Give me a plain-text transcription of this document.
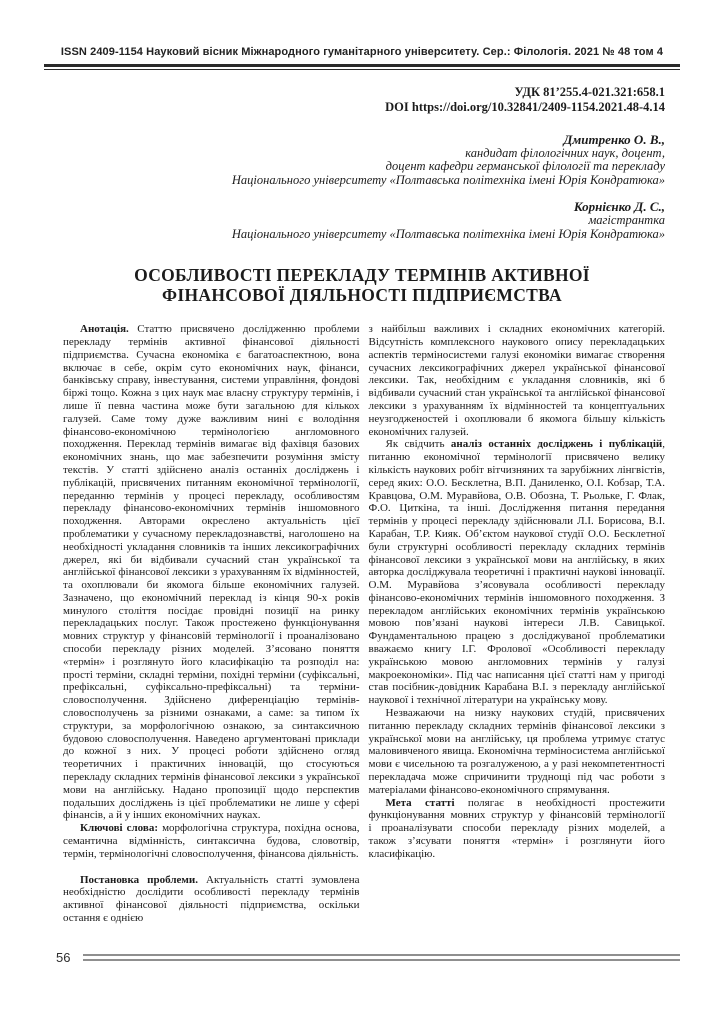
ISSN 2409-1154 Науковий вісник Міжнародного гуманітарного університету. Сер.: Філологія. 2021 № 48 том 4
УДК 81’255.4-021.321:658.1
DOI https://doi.org/10.32841/2409-1154.2021.48-4.14
Дмитренко О. В.,
кандидат філологічних наук, доцент,
доцент кафедри германської філології та перекладу
Національного університету «Полтавська політехніка імені Юрія Кондратюка»
Корнієнко Д. С.,
магістрантка
Національного університету «Полтавська політехніка імені Юрія Кондратюка»
ОСОБЛИВОСТІ ПЕРЕКЛАДУ ТЕРМІНІВ АКТИВНОЇ ФІНАНСОВОЇ ДІЯЛЬНОСТІ ПІДПРИЄМСТВА

Анотація. Статтю присвячено дослідженню проблеми перекладу термінів активної фінансової діяльності підприємства. Сучасна економіка є багатоаспектною, вона включає в себе, окрім суто економічних наук, фінанси, банківську справу, інвестування, системи управління, фондові біржі тощо. Кожна з цих наук має власну структуру термінів, і лише її певна частина може бути загальною для кількох галузей. Саме тому дуже важливим нині є володіння фінансово-економічною термінологією англомовного походження. Переклад термінів вимагає від фахівця базових економічних знань, що має забезпечити розуміння змісту текстів. У статті здійснено аналіз останніх досліджень і публікацій, присвячених питанням економічної термінології, переданню термінів у процесі перекладу, особливостям перекладу фінансово-економічних термінів іншомовного походження. Авторами окреслено актуальність цієї проблематики у сучасному перекладознавстві, наголошено на необхідності укладання словників та інших лексикографічних джерел, які би відбивали сучасний стан української та англійської фінансової лексики з урахуванням їх відмінностей, та охоплювали би якомога більше економічних галузей. Зазначено, що економічний переклад із кінця 90-х років минулого століття посідає провідні позиції на ринку перекладацьких послуг. Також простежено функціонування мовних структур у фінансовій термінології і проаналізовано способи перекладу різних моделей. З’ясовано поняття «термін» і розглянуто його класифікацію та розподіл на: прості терміни, складні терміни, похідні терміни (суфіксальні, префіксальні, суфіксально-префіксальні) та терміни-словосполучення. Здійснено диференціацію термінів-словосполучень за різними ознаками, а саме: за типом їх структури, за морфологічною ознакою, за синтаксичною будовою словосполучення. Наведено аргументовані приклади до кожної з них. У процесі роботи здійснено огляд теоретичних і практичних інновацій, що стосуються перекладу складних термінів фінансової лексики з української мови на англійську. Надано пропозиції щодо перспектив подальших досліджень із цієї проблематики не лише у сфері фінансів, а й у інших економічних науках.

Ключові слова: морфологічна структура, похідна основа, семантична відмінність, синтаксична будова, словотвір, термін, термінологічні словосполучення, фінансова діяльність.

Постановка проблеми. Актуальність статті зумовлена необхідністю дослідити особливості перекладу термінів активної фінансової діяльності підприємства, оскільки остання є однією

з найбільш важливих і складних економічних категорій. Відсутність комплексного наукового опису перекладацьких аспектів терміносистеми галузі економіки вимагає створення сучасних лексикографічних джерел української фінансової лексики. Так, необхідним є укладання словників, які б відбивали сучасний стан української та англійської фінансової лексики з урахуванням їх відмінностей та концептуальних неузгодженостей і охоплювали б якомога більшу кількість економічних галузей.

Як свідчить аналіз останніх досліджень і публікацій, питанню економічної термінології присвячено велику кількість наукових робіт вітчизняних та зарубіжних лінгвістів, серед яких: О.О. Бесклетна, В.П. Даниленко, О.І. Кобзар, Т.А. Кравцова, О.М. Муравйова, О.В. Обозна, Т. Рьольке, Г. Флак, Ф.О. Циткіна, та інші. Дослідження питання передання термінів у процесі перекладу здійснювали Л.І. Борисова, В.І. Карабан, Т.Р. Кияк. Об’єктом наукової студії О.О. Бесклетної були структурні особливості перекладу складних термінів фінансової лексики з української мови на англійську, в яких авторка досліджувала теоретичні і практичні наукові інновації. О.М. Муравйова з’ясовувала особливості перекладу фінансово-економічних термінів іншомовного походження. З перекладом англійських економічних термінів українською мовою пов’язані наукові інтереси Л.В. Савицької. Фундаментальною працею з досліджуваної проблематики вважаємо книгу І.Г. Фролової «Особливості перекладу українською мовою англомовних термінів у галузі макроекономіки». Під час написання цієї статті нам у пригоді став посібник-довідник Карабана В.І. з перекладу англійської наукової і технічної літератури на українську мову.

Незважаючи на низку наукових студій, присвячених питанню перекладу складних термінів фінансової лексики з української мови на англійську, ця проблема утримує статус маловивченого явища. Економічна терміносистема англійської мови є чисельною та розгалуженою, а у разі некомпетентності перекладача може спричинити труднощі під час роботи з матеріалами фінансово-економічного спрямування.

Мета статті полягає в необхідності простежити функціонування мовних структур у фінансовій термінології і проаналізувати способи перекладу різних моделей, а також з’ясувати поняття «термін» і розглянути його класифікацію.

56
